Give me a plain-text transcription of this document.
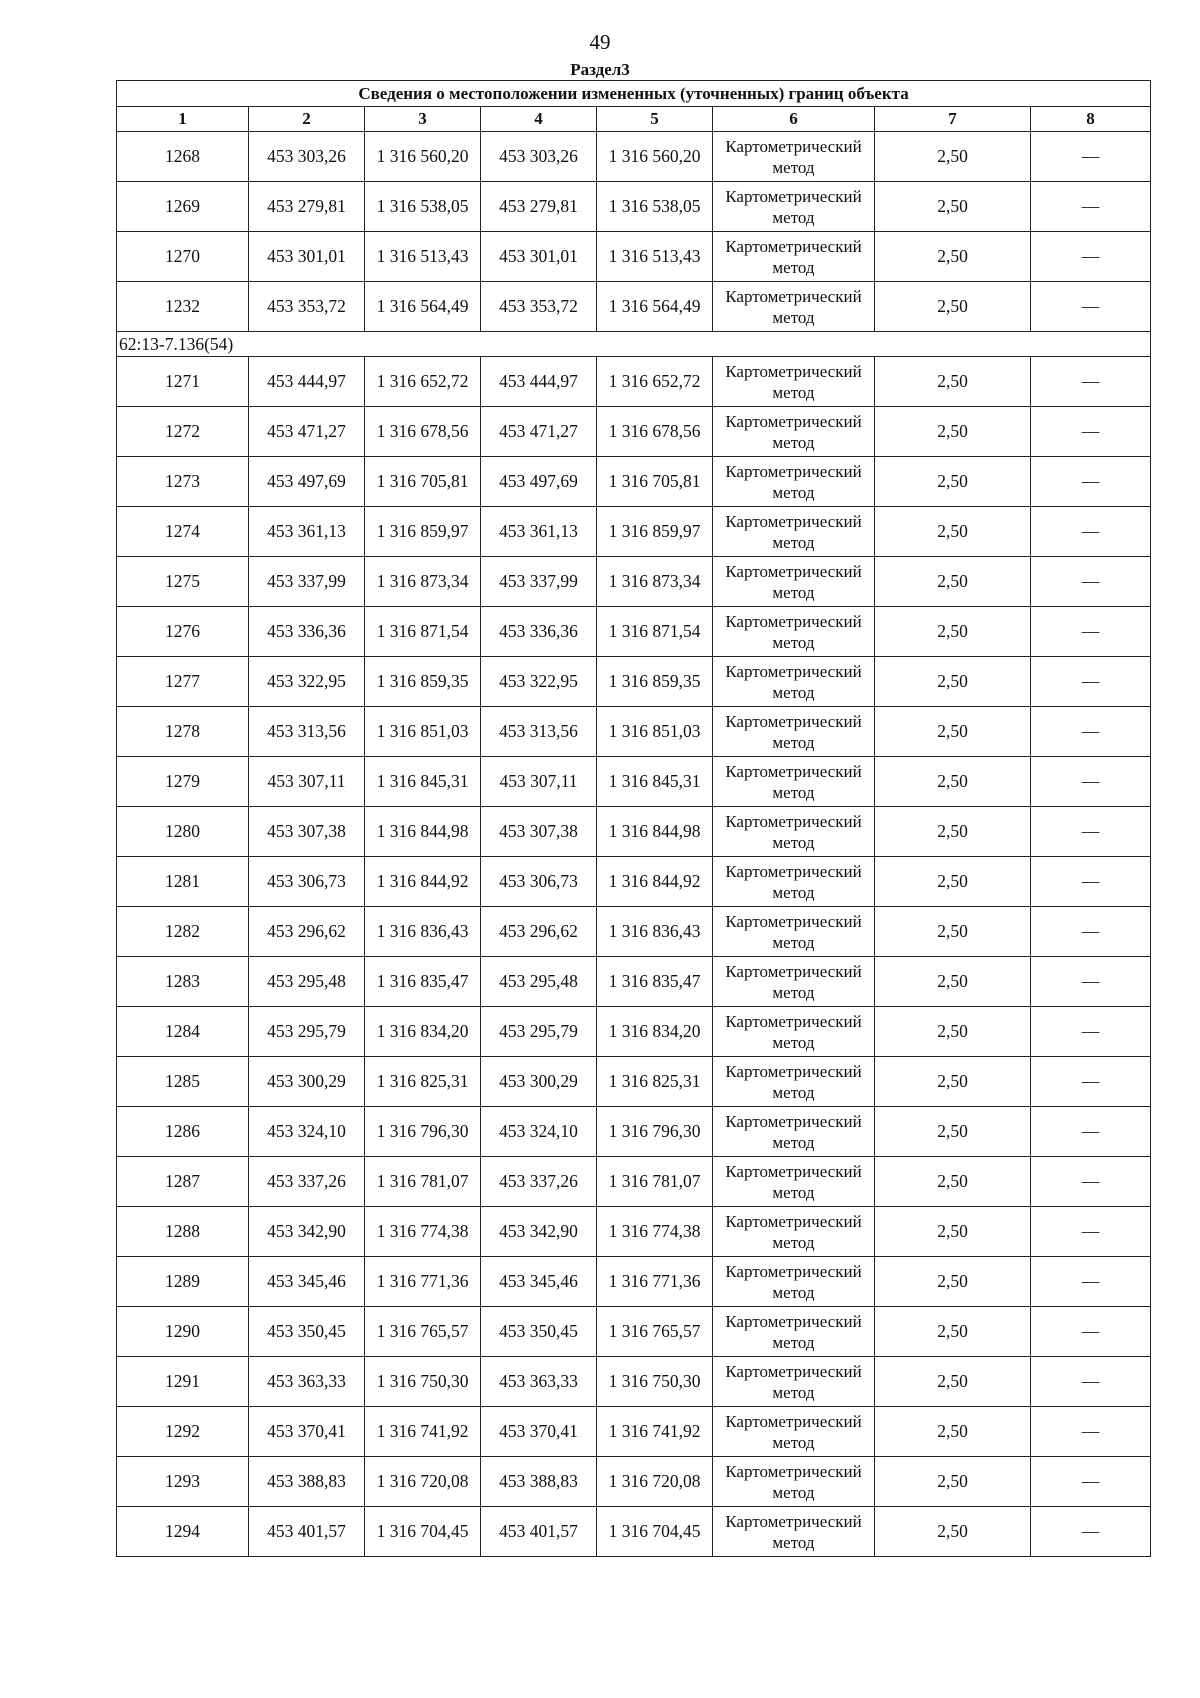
49
Раздел3
Сведения о местоположении измененных (уточненных) границ объекта							
1	2	3	4	5	6	7	8
1268	453 303,26	1 316 560,20	453 303,26	1 316 560,20	Картометрический метод	2,50	—
1269	453 279,81	1 316 538,05	453 279,81	1 316 538,05	Картометрический метод	2,50	—
1270	453 301,01	1 316 513,43	453 301,01	1 316 513,43	Картометрический метод	2,50	—
1232	453 353,72	1 316 564,49	453 353,72	1 316 564,49	Картометрический метод	2,50	—
62:13-7.136(54)							
1271	453 444,97	1 316 652,72	453 444,97	1 316 652,72	Картометрический метод	2,50	—
1272	453 471,27	1 316 678,56	453 471,27	1 316 678,56	Картометрический метод	2,50	—
1273	453 497,69	1 316 705,81	453 497,69	1 316 705,81	Картометрический метод	2,50	—
1274	453 361,13	1 316 859,97	453 361,13	1 316 859,97	Картометрический метод	2,50	—
1275	453 337,99	1 316 873,34	453 337,99	1 316 873,34	Картометрический метод	2,50	—
1276	453 336,36	1 316 871,54	453 336,36	1 316 871,54	Картометрический метод	2,50	—
1277	453 322,95	1 316 859,35	453 322,95	1 316 859,35	Картометрический метод	2,50	—
1278	453 313,56	1 316 851,03	453 313,56	1 316 851,03	Картометрический метод	2,50	—
1279	453 307,11	1 316 845,31	453 307,11	1 316 845,31	Картометрический метод	2,50	—
1280	453 307,38	1 316 844,98	453 307,38	1 316 844,98	Картометрический метод	2,50	—
1281	453 306,73	1 316 844,92	453 306,73	1 316 844,92	Картометрический метод	2,50	—
1282	453 296,62	1 316 836,43	453 296,62	1 316 836,43	Картометрический метод	2,50	—
1283	453 295,48	1 316 835,47	453 295,48	1 316 835,47	Картометрический метод	2,50	—
1284	453 295,79	1 316 834,20	453 295,79	1 316 834,20	Картометрический метод	2,50	—
1285	453 300,29	1 316 825,31	453 300,29	1 316 825,31	Картометрический метод	2,50	—
1286	453 324,10	1 316 796,30	453 324,10	1 316 796,30	Картометрический метод	2,50	—
1287	453 337,26	1 316 781,07	453 337,26	1 316 781,07	Картометрический метод	2,50	—
1288	453 342,90	1 316 774,38	453 342,90	1 316 774,38	Картометрический метод	2,50	—
1289	453 345,46	1 316 771,36	453 345,46	1 316 771,36	Картометрический метод	2,50	—
1290	453 350,45	1 316 765,57	453 350,45	1 316 765,57	Картометрический метод	2,50	—
1291	453 363,33	1 316 750,30	453 363,33	1 316 750,30	Картометрический метод	2,50	—
1292	453 370,41	1 316 741,92	453 370,41	1 316 741,92	Картометрический метод	2,50	—
1293	453 388,83	1 316 720,08	453 388,83	1 316 720,08	Картометрический метод	2,50	—
1294	453 401,57	1 316 704,45	453 401,57	1 316 704,45	Картометрический метод	2,50	—
